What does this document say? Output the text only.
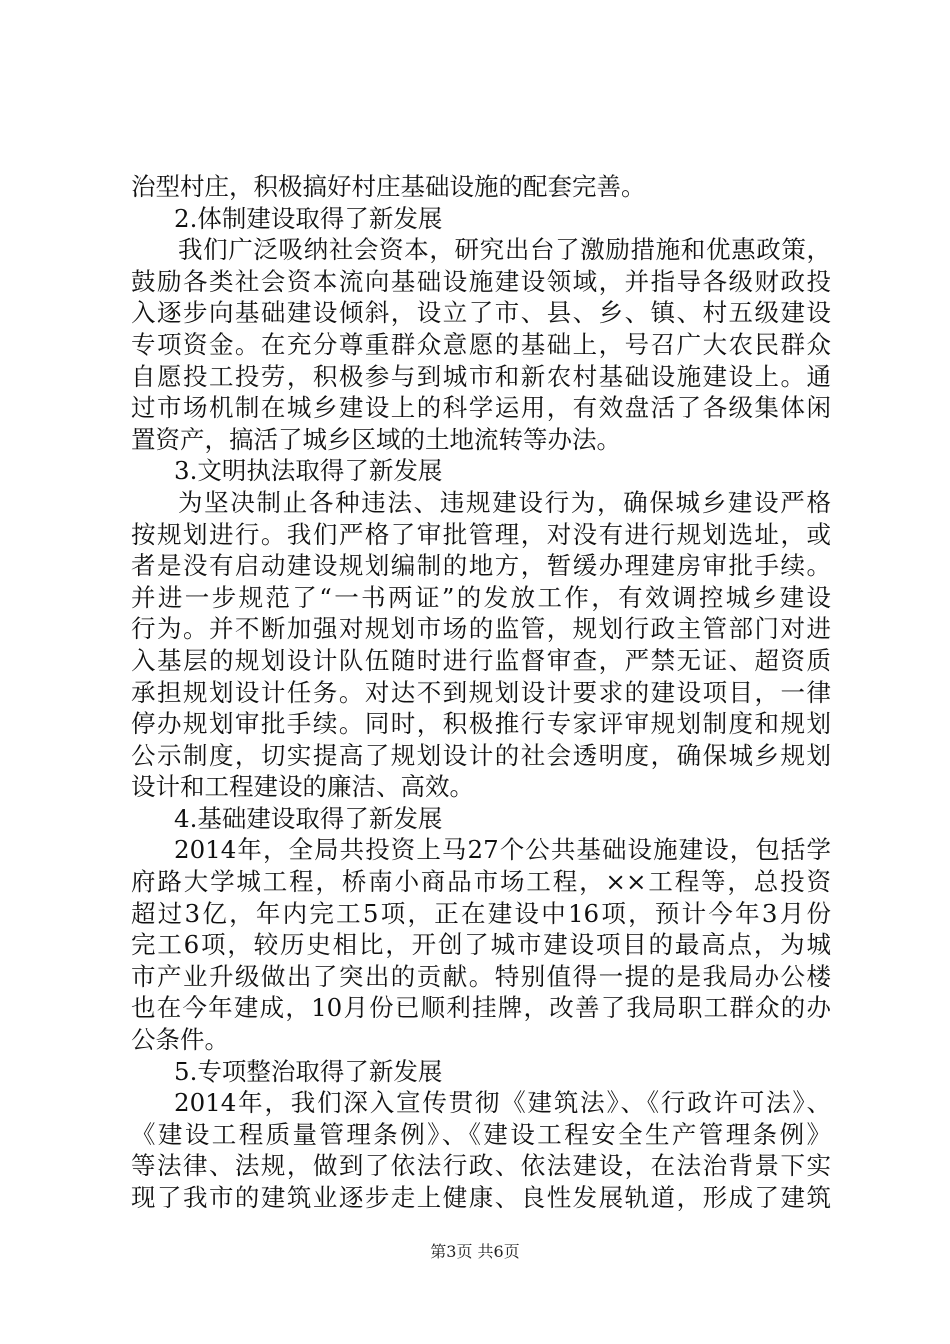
治型村庄，积极搞好村庄基础设施的配套完善。
2.体制建设取得了新发展
我们广泛吸纳社会资本，研究出台了激励措施和优惠政策，
鼓励各类社会资本流向基础设施建设领域，并指导各级财政投
入逐步向基础建设倾斜，设立了市、县、乡、镇、村五级建设
专项资金。在充分尊重群众意愿的基础上，号召广大农民群众
自愿投工投劳，积极参与到城市和新农村基础设施建设上。通
过市场机制在城乡建设上的科学运用，有效盘活了各级集体闲
置资产，搞活了城乡区域的土地流转等办法。
3.文明执法取得了新发展
为坚决制止各种违法、违规建设行为，确保城乡建设严格
按规划进行。我们严格了审批管理，对没有进行规划选址，或
者是没有启动建设规划编制的地方，暂缓办理建房审批手续。
并进一步规范了“一书两证”的发放工作，有效调控城乡建设
行为。并不断加强对规划市场的监管，规划行政主管部门对进
入基层的规划设计队伍随时进行监督审查，严禁无证、超资质
承担规划设计任务。对达不到规划设计要求的建设项目，一律
停办规划审批手续。同时，积极推行专家评审规划制度和规划
公示制度，切实提高了规划设计的社会透明度，确保城乡规划
设计和工程建设的廉洁、高效。
4.基础建设取得了新发展
2014年，全局共投资上马27个公共基础设施建设，包括学
府路大学城工程，桥南小商品市场工程，××工程等，总投资
超过3亿，年内完工5项，正在建设中16项，预计今年3月份
完工6项，较历史相比，开创了城市建设项目的最高点，为城
市产业升级做出了突出的贡献。特别值得一提的是我局办公楼
也在今年建成，10月份已顺利挂牌，改善了我局职工群众的办
公条件。
5.专项整治取得了新发展
2014年，我们深入宣传贯彻《建筑法》、《行政许可法》、
《建设工程质量管理条例》、《建设工程安全生产管理条例》
等法律、法规，做到了依法行政、依法建设，在法治背景下实
现了我市的建筑业逐步走上健康、良性发展轨道，形成了建筑
第3页 共6页
